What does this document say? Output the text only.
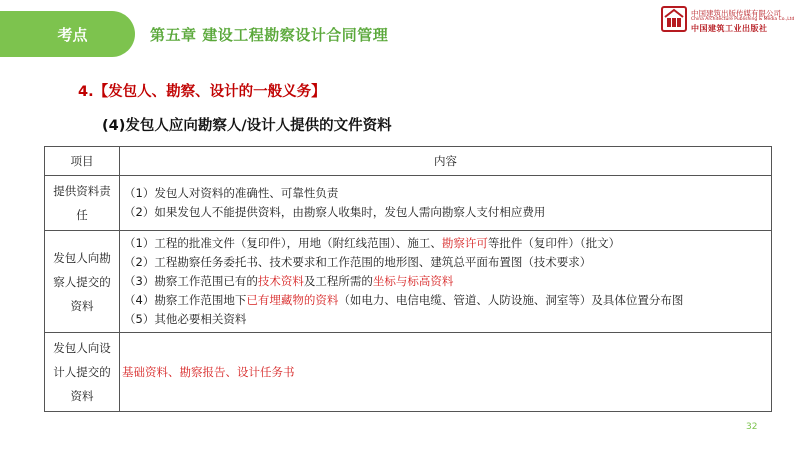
考点	第五章 建设工程勘察设计合同管理
中国建筑出版传媒有限公司
China Architecture Publishing & Media Co.,Ltd
中国建筑工业出版社
4.【发包人、勘察、设计的一般义务】
(4)发包人应向勘察人/设计人提供的文件资料
项目	内容
提供资料责任	（1）发包人对资料的准确性、可靠性负责
（2）如果发包人不能提供资料，由勘察人收集时，发包人需向勘察人支付相应费用

发包人向勘察人提交的资料	（1）工程的批准文件（复印件），用地（附红线范围）、施工、勘察许可等批件（复印件）（批文）
（2）工程勘察任务委托书、技术要求和工作范围的地形图、建筑总平面布置图（技术要求）
（3）勘察工作范围已有的技术资料及工程所需的坐标与标高资料
（4）勘察工作范围地下已有埋藏物的资料（如电力、电信电缆、管道、人防设施、洞室等）及具体位置分布图
（5）其他必要相关资料

发包人向设计人提交的资料	基础资料、勘察报告、设计任务书
32
